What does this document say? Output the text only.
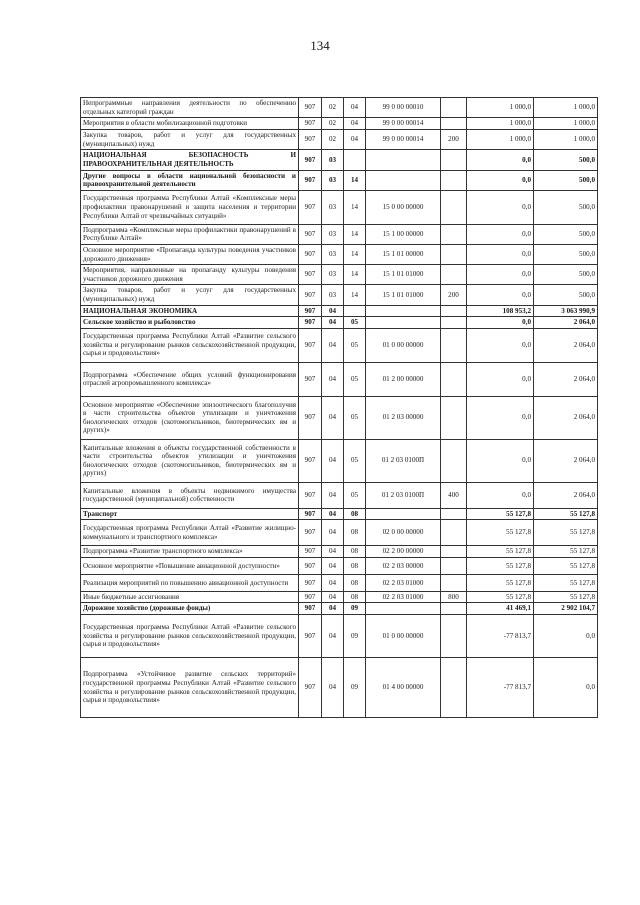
134
Непрограммные направления деятельности по обеспечению отдельных категорий граждан	907	02	04	99 0 00 00010		1 000,0	1 000,0
Мероприятия в области мобилизационной подготовки	907	02	04	99 0 00 00014		1 000,0	1 000,0
Закупка товаров, работ и услуг для государственных (муниципальных) нужд	907	02	04	99 0 00 00014	200	1 000,0	1 000,0
НАЦИОНАЛЬНАЯ БЕЗОПАСНОСТЬ И ПРАВООХРАНИТЕЛЬНАЯ ДЕЯТЕЛЬНОСТЬ	907	03				0,0	500,0
Другие вопросы в области национальной безопасности и правоохранительной деятельности	907	03	14			0,0	500,0
Государственная программа Республики Алтай «Комплексные меры профилактики правонарушений и защита населения и территории Республики Алтай от чрезвычайных ситуаций»	907	03	14	15 0 00 00000		0,0	500,0
Подпрограмма «Комплексные меры профилактики правонарушений в Республике Алтай»	907	03	14	15 1 00 00000		0,0	500,0
Основное мероприятие «Пропаганда культуры поведения участников дорожного движения»	907	03	14	15 1 01 00000		0,0	500,0
Мероприятия, направленные на пропаганду культуры поведения участников дорожного движения	907	03	14	15 1 01 01000		0,0	500,0
Закупка товаров, работ и услуг для государственных (муниципальных) нужд	907	03	14	15 1 01 01000	200	0,0	500,0
НАЦИОНАЛЬНАЯ ЭКОНОМИКА	907	04				108 953,2	3 063 990,9
Сельское хозяйство и рыболовство	907	04	05			0,0	2 064,0
Государственная программа Республики Алтай «Развитие сельского хозяйства и регулирование рынков сельскохозяйственной продукции, сырья и продовольствия»	907	04	05	01 0 00 00000		0,0	2 064,0
Подпрограмма «Обеспечение общих условий функционирования отраслей агропромышленного комплекса»	907	04	05	01 2 00 00000		0,0	2 064,0
Основное мероприятие «Обеспечение эпизоотического благополучия в части строительства объектов утилизации и уничтожения биологических отходов (скотомогильников, биотермических ям и других)»	907	04	05	01 2 03 00000		0,0	2 064,0
Капитальные вложения в объекты государственной собственности в части строительства объектов утилизации и уничтожения биологических отходов (скотомогильников, биотермических ям и других)	907	04	05	01 2 03 0100П		0,0	2 064,0
Капитальные вложения в объекты недвижимого имущества государственной (муниципальной) собственности	907	04	05	01 2 03 0100П	400	0,0	2 064,0
Транспорт	907	04	08			55 127,8	55 127,8
Государственная программа Республики Алтай «Развитие жилищно-коммунального и транспортного комплекса»	907	04	08	02 0 00 00000		55 127,8	55 127,8
Подпрограмма «Развитие транспортного комплекса»	907	04	08	02 2 00 00000		55 127,8	55 127,8
Основное мероприятие «Повышение авиационной доступности»	907	04	08	02 2 03 00000		55 127,8	55 127,8
Реализация мероприятий по повышению авиационной доступности	907	04	08	02 2 03 01000		55 127,8	55 127,8
Иные бюджетные ассигнования	907	04	08	02 2 03 01000	800	55 127,8	55 127,8
Дорожное хозяйство (дорожные фонды)	907	04	09			41 469,1	2 902 104,7
Государственная программа Республики Алтай «Развитие сельского хозяйства и регулирование рынков сельскохозяйственной продукции, сырья и продовольствия»	907	04	09	01 0 00 00000		-77 813,7	0,0
Подпрограмма «Устойчивое развитие сельских территорий» государственной программы Республики Алтай «Развитие сельского хозяйства и регулирование рынков сельскохозяйственной продукции, сырья и продовольствия»	907	04	09	01 4 00 00000		-77 813,7	0,0
